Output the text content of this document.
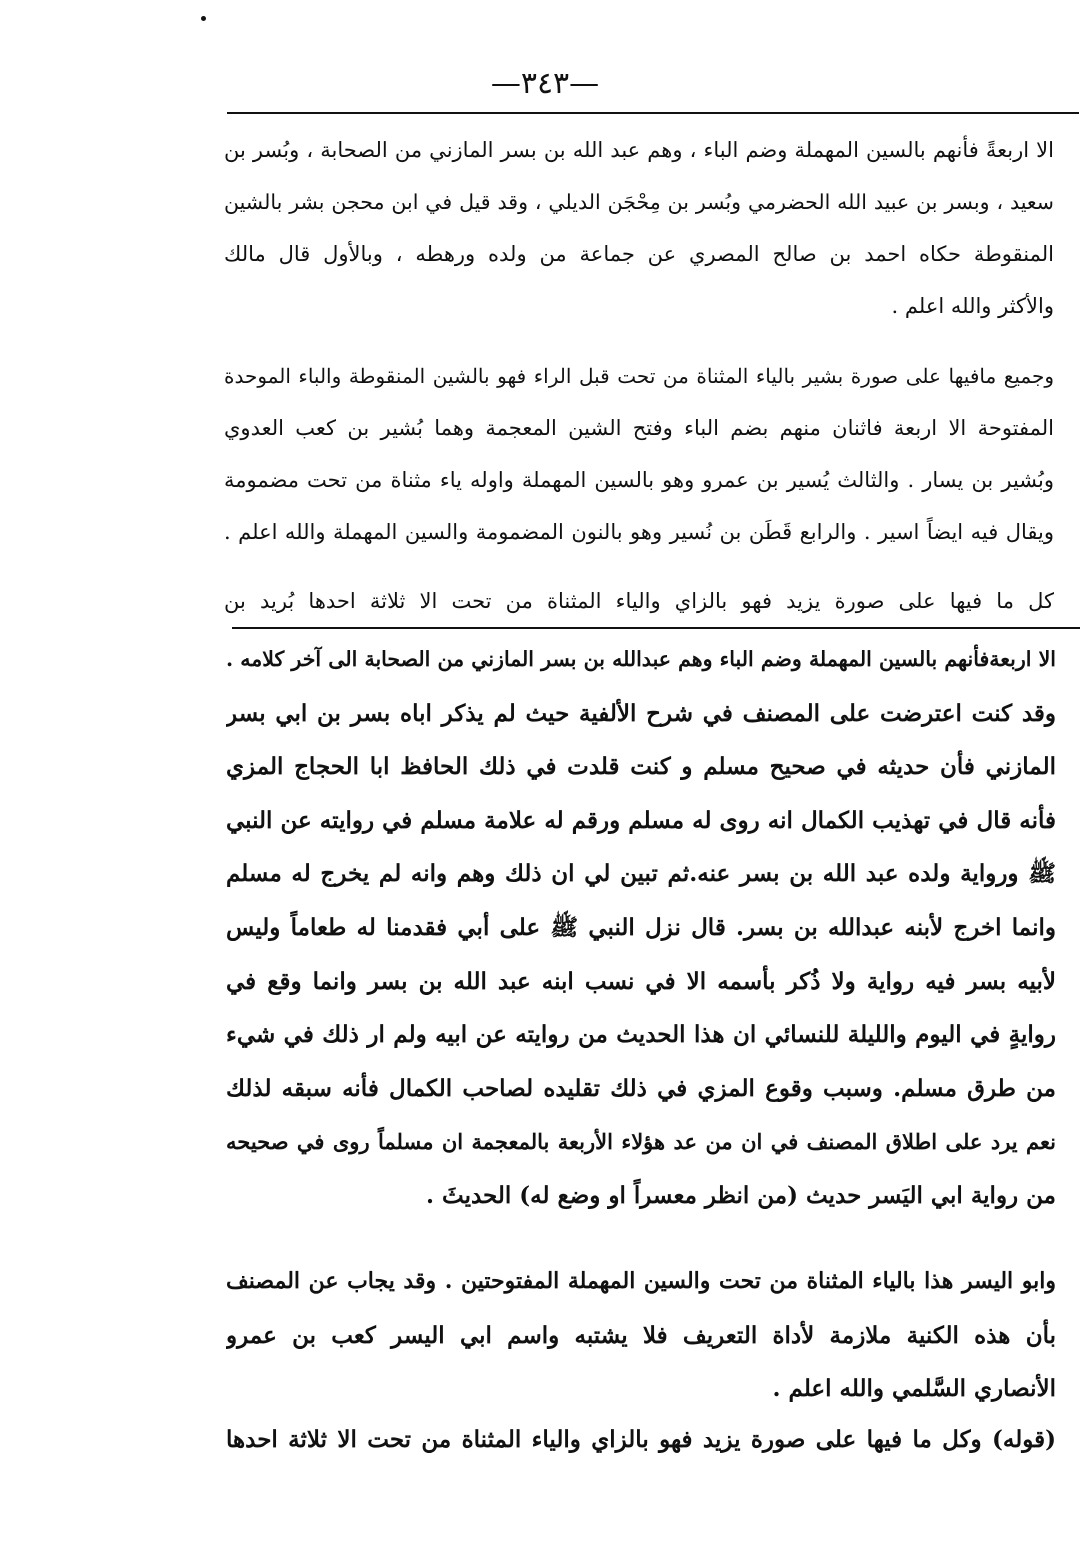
—٣٤٣—
الا اربعةً فأنهم بالسين المهملة وضم الباء ، وهم عبد الله بن بسر المازني من الصحابة ، وبُسر بن
سعيد ، وبسر بن عبيد الله الحضرمي وبُسر بن مِحْجَن الديلي ، وقد قيل في ابن محجن بشر بالشين
المنقوطة حكاه احمد بن صالح المصري عن جماعة من ولده ورهطه ، وبالأول قال مالك
والأكثر والله اعلم .
وجميع مافيها على صورة بشير بالياء المثناة من تحت قبل الراء فهو بالشين المنقوطة والباء الموحدة
المفتوحة الا اربعة فاثنان منهم بضم الباء وفتح الشين المعجمة وهما بُشير بن كعب العدوي
وبُشير بن يسار . والثالث يُسير بن عمرو وهو بالسين المهملة واوله ياء مثناة من تحت مضمومة
ويقال فيه ايضاً اسير . والرابع قَطَن بن نُسير وهو بالنون المضمومة والسين المهملة والله اعلم .
كل ما فيها على صورة يزيد فهو بالزاي والياء المثناة من تحت الا ثلاثة احدها بُريد بن
الا اربعةفأنهم بالسين المهملة وضم الباء وهم عبدالله بن بسر المازني من الصحابة الى آخر كلامه .
وقد كنت اعترضت على المصنف في شرح الألفية حيث لم يذكر اباه بسر بن ابي بسر
المازني فأن حديثه في صحيح مسلم و كنت قلدت في ذلك الحافظ ابا الحجاج المزي
فأنه قال في تهذيب الكمال انه روى له مسلم ورقم له علامة مسلم في روايته عن النبي
ﷺ ورواية ولده عبد الله بن بسر عنه.ثم تبين لي ان ذلك وهم وانه لم يخرج له مسلم
وانما اخرج لأبنه عبدالله بن بسر. قال نزل النبي ﷺ على أبي فقدمنا له طعاماً وليس
لأبيه بسر فيه رواية ولا ذُكر بأسمه الا في نسب ابنه عبد الله بن بسر وانما وقع في
روايةٍ في اليوم والليلة للنسائي ان هذا الحديث من روايته عن ابيه ولم ار ذلك في شيء
من طرق مسلم. وسبب وقوع المزي في ذلك تقليده لصاحب الكمال فأنه سبقه لذلك
نعم يرد على اطلاق المصنف في ان من عد هؤلاء الأربعة بالمعجمة ان مسلماً روى في صحيحه
من رواية ابي اليَسر حديث (من انظر معسراً او وضع له) الحديثَ .
وابو اليسر هذا بالياء المثناة من تحت والسين المهملة المفتوحتين . وقد يجاب عن المصنف
بأن هذه الكنية ملازمة لأداة التعريف فلا يشتبه واسم ابي اليسر كعب بن عمرو
الأنصاري السَّلمي والله اعلم .
(قوله) وكل ما فيها على صورة يزيد فهو بالزاي والياء المثناة من تحت الا ثلاثة احدها
